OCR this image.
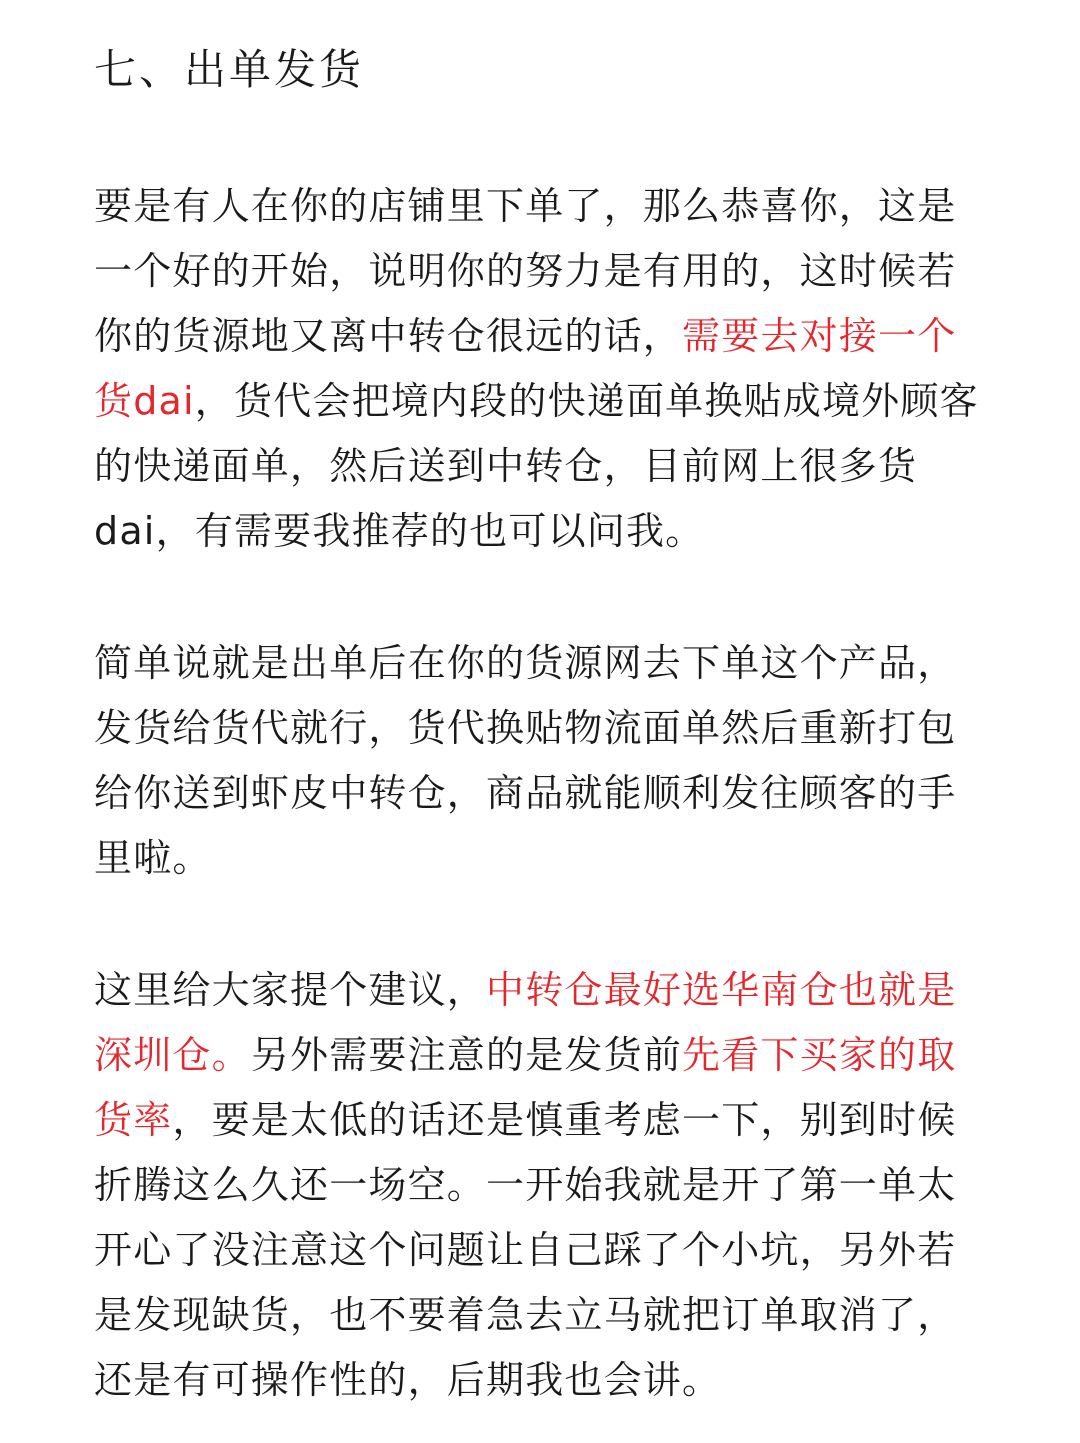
七、出单发货

要是有人在你的店铺里下单了，那么恭喜你，这是一个好的开始，说明你的努力是有用的，这时候若你的货源地又离中转仓很远的话，需要去对接一个货dai，货代会把境内段的快递面单换贴成境外顾客的快递面单，然后送到中转仓，目前网上很多货dai，有需要我推荐的也可以问我。

简单说就是出单后在你的货源网去下单这个产品，发货给货代就行，货代换贴物流面单然后重新打包给你送到虾皮中转仓，商品就能顺利发往顾客的手里啦。

这里给大家提个建议，中转仓最好选华南仓也就是深圳仓。另外需要注意的是发货前先看下买家的取货率，要是太低的话还是慎重考虑一下，别到时候折腾这么久还一场空。一开始我就是开了第一单太开心了没注意这个问题让自己踩了个小坑，另外若是发现缺货，也不要着急去立马就把订单取消了，还是有可操作性的，后期我也会讲。
